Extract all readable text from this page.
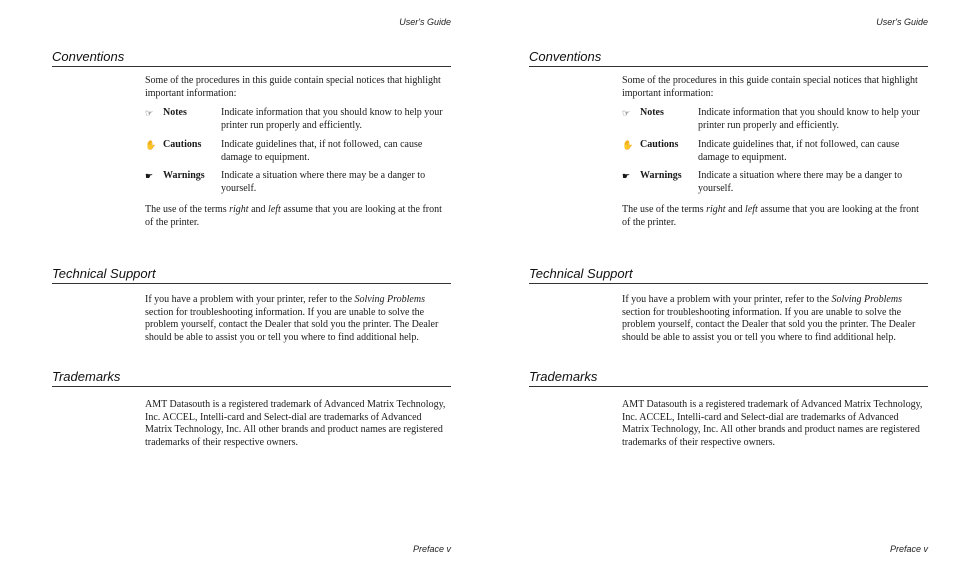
User's Guide
Conventions
Some of the procedures in this guide contain special notices that highlight important information:
☞ Notes	Indicate information that you should know to help your printer run properly and efficiently.
✋ Cautions Indicate guidelines that, if not followed, can cause damage to equipment.
☛ Warnings Indicate a situation where there may be a danger to yourself.
The use of the terms right and left assume that you are looking at the front of the printer.
Technical Support
If you have a problem with your printer, refer to the Solving Problems section for troubleshooting information. If you are unable to solve the problem yourself, contact the Dealer that sold you the printer. The Dealer should be able to assist you or tell you where to find additional help.
Trademarks
AMT Datasouth is a registered trademark of Advanced Matrix Technology, Inc. ACCEL, Intelli-card and Select-dial are trademarks of Advanced Matrix Technology, Inc. All other brands and product names are registered trademarks of their respective owners.
Preface v
User's Guide
Conventions
Some of the procedures in this guide contain special notices that highlight important information:
☞ Notes	Indicate information that you should know to help your printer run properly and efficiently.
✋ Cautions Indicate guidelines that, if not followed, can cause damage to equipment.
☛ Warnings Indicate a situation where there may be a danger to yourself.
The use of the terms right and left assume that you are looking at the front of the printer.
Technical Support
If you have a problem with your printer, refer to the Solving Problems section for troubleshooting information. If you are unable to solve the problem yourself, contact the Dealer that sold you the printer. The Dealer should be able to assist you or tell you where to find additional help.
Trademarks
AMT Datasouth is a registered trademark of Advanced Matrix Technology, Inc. ACCEL, Intelli-card and Select-dial are trademarks of Advanced Matrix Technology, Inc. All other brands and product names are registered trademarks of their respective owners.
Preface v
